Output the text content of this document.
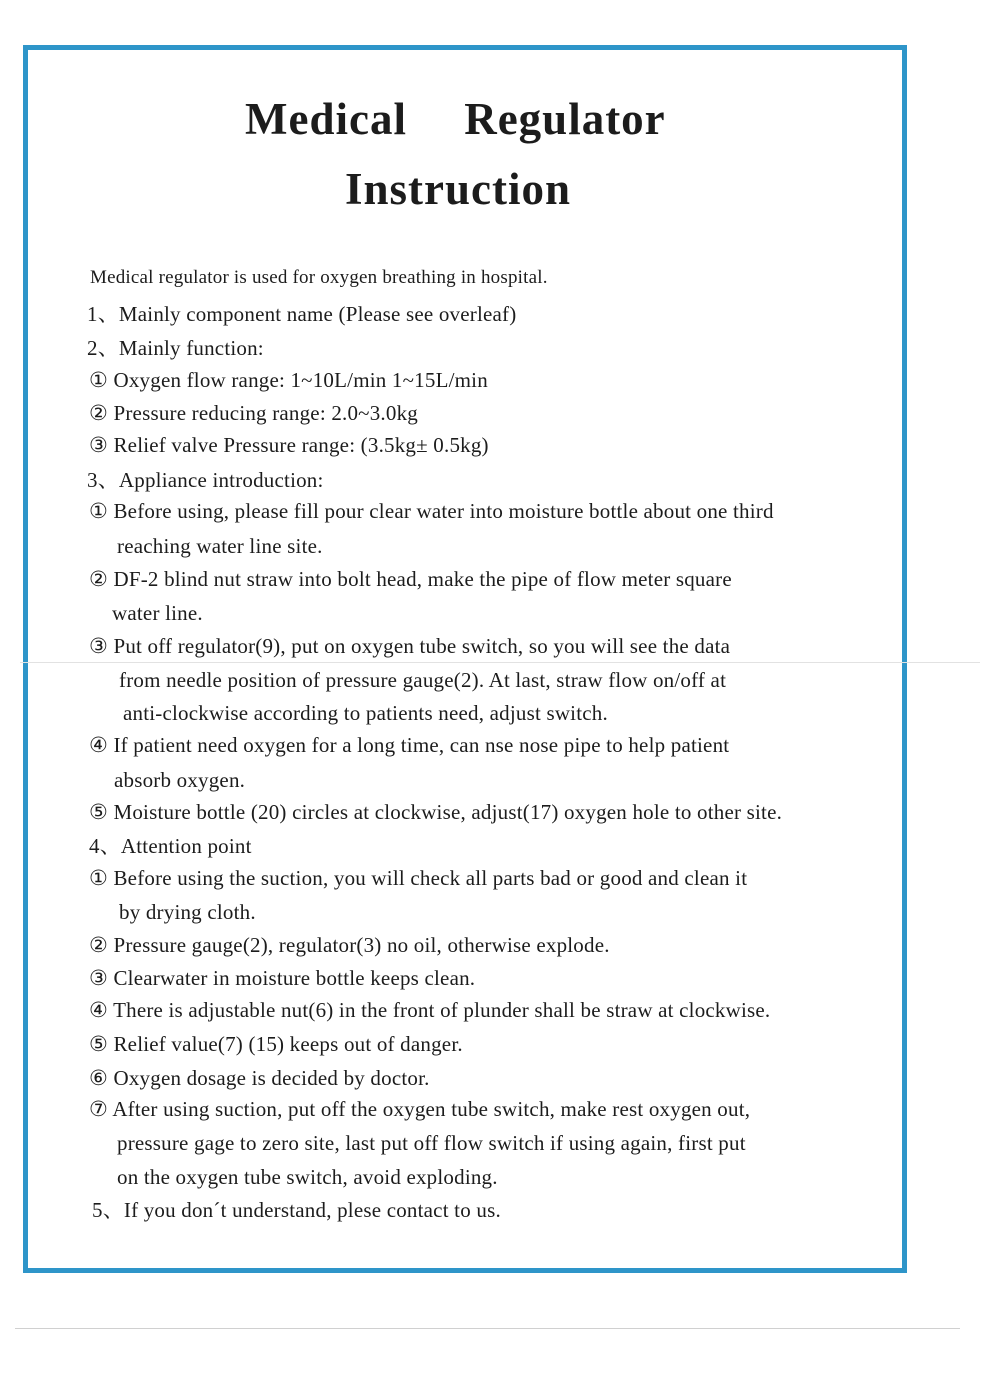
Medical Regulator
Instruction
Medical regulator is used for oxygen breathing in hospital.
1、Mainly component name (Please see overleaf)
2、Mainly function:
① Oxygen flow range: 1~10L/min 1~15L/min
② Pressure reducing range: 2.0~3.0kg
③ Relief valve Pressure range: (3.5kg± 0.5kg)
3、Appliance introduction:
① Before using, please fill pour clear water into moisture bottle about one third
reaching water line site.
② DF-2 blind nut straw into bolt head, make the pipe of flow meter square
water line.
③ Put off regulator(9), put on oxygen tube switch, so you will see the data
from needle position of pressure gauge(2). At last, straw flow on/off at
anti-clockwise according to patients need, adjust switch.
④ If patient need oxygen for a long time, can nse nose pipe to help patient
absorb oxygen.
⑤ Moisture bottle (20) circles at clockwise, adjust(17) oxygen hole to other site.
4、Attention point
① Before using the suction, you will check all parts bad or good and clean it
by drying cloth.
② Pressure gauge(2), regulator(3) no oil, otherwise explode.
③ Clearwater in moisture bottle keeps clean.
④ There is adjustable nut(6) in the front of plunder shall be straw at clockwise.
⑤ Relief value(7) (15) keeps out of danger.
⑥ Oxygen dosage is decided by doctor.
⑦ After using suction, put off the oxygen tube switch, make rest oxygen out,
pressure gage to zero site, last put off flow switch if using again, first put
on the oxygen tube switch, avoid exploding.
5、If you don´t understand, plese contact to us.
